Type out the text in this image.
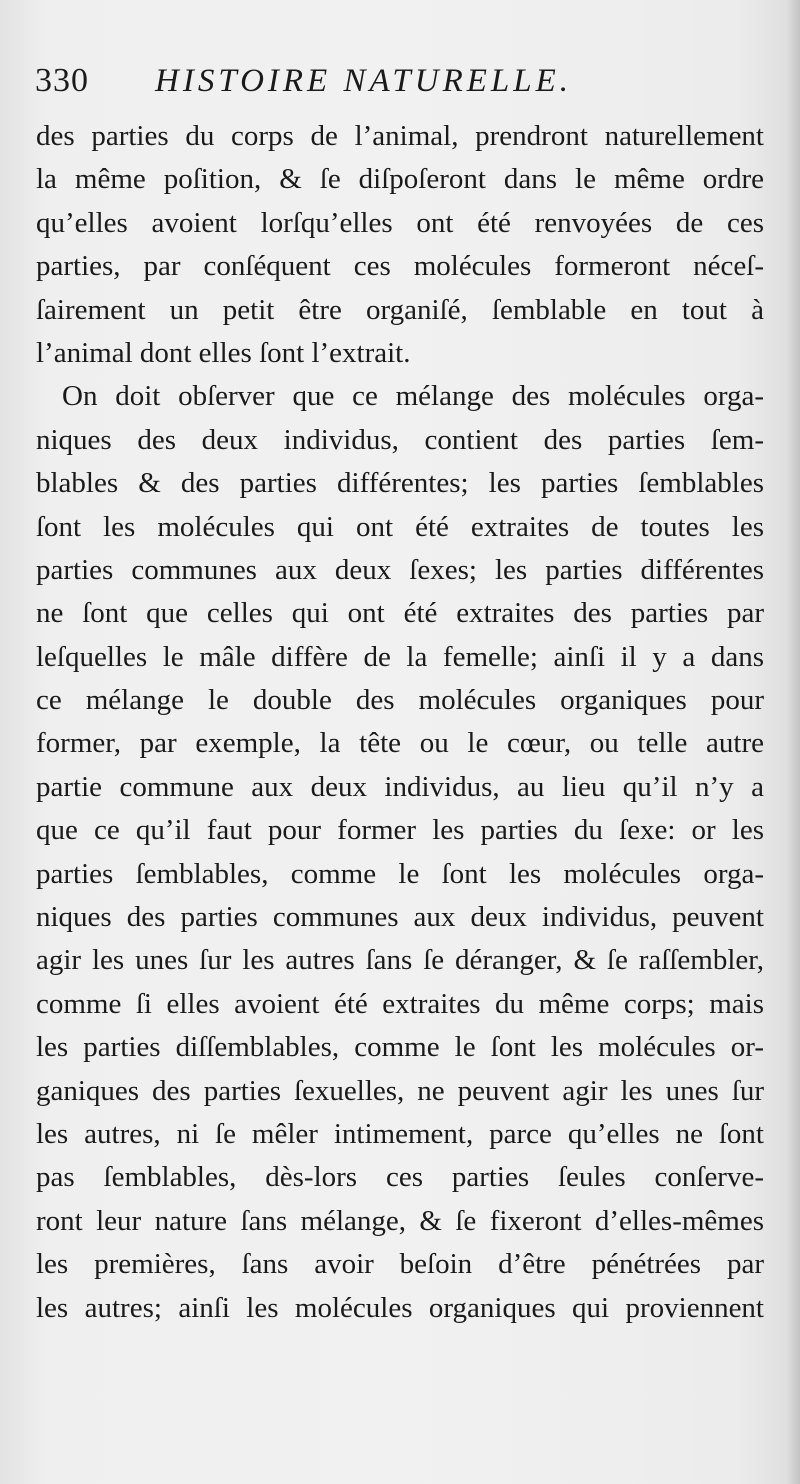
330	HISTOIRE NATURELLE.
des parties du corps de l’animal, prendront naturellement
la même poſition, & ſe diſpoſeront dans le même ordre
qu’elles avoient lorſqu’elles ont été renvoyées de ces
parties, par conſéquent ces molécules formeront néceſ-
ſairement un petit être organiſé, ſemblable en tout à
l’animal dont elles ſont l’extrait.
On doit obſerver que ce mélange des molécules orga-
niques des deux individus, contient des parties ſem-
blables & des parties différentes; les parties ſemblables
ſont les molécules qui ont été extraites de toutes les
parties communes aux deux ſexes; les parties différentes
ne ſont que celles qui ont été extraites des parties par
leſquelles le mâle diffère de la femelle; ainſi il y a dans
ce mélange le double des molécules organiques pour
former, par exemple, la tête ou le cœur, ou telle autre
partie commune aux deux individus, au lieu qu’il n’y a
que ce qu’il faut pour former les parties du ſexe: or les
parties ſemblables, comme le ſont les molécules orga-
niques des parties communes aux deux individus, peuvent
agir les unes ſur les autres ſans ſe déranger, & ſe raſſembler,
comme ſi elles avoient été extraites du même corps; mais
les parties diſſemblables, comme le ſont les molécules or-
ganiques des parties ſexuelles, ne peuvent agir les unes ſur
les autres, ni ſe mêler intimement, parce qu’elles ne ſont
pas ſemblables, dès-lors ces parties ſeules conſerve-
ront leur nature ſans mélange, & ſe fixeront d’elles-mêmes
les premières, ſans avoir beſoin d’être pénétrées par
les autres; ainſi les molécules organiques qui proviennent
